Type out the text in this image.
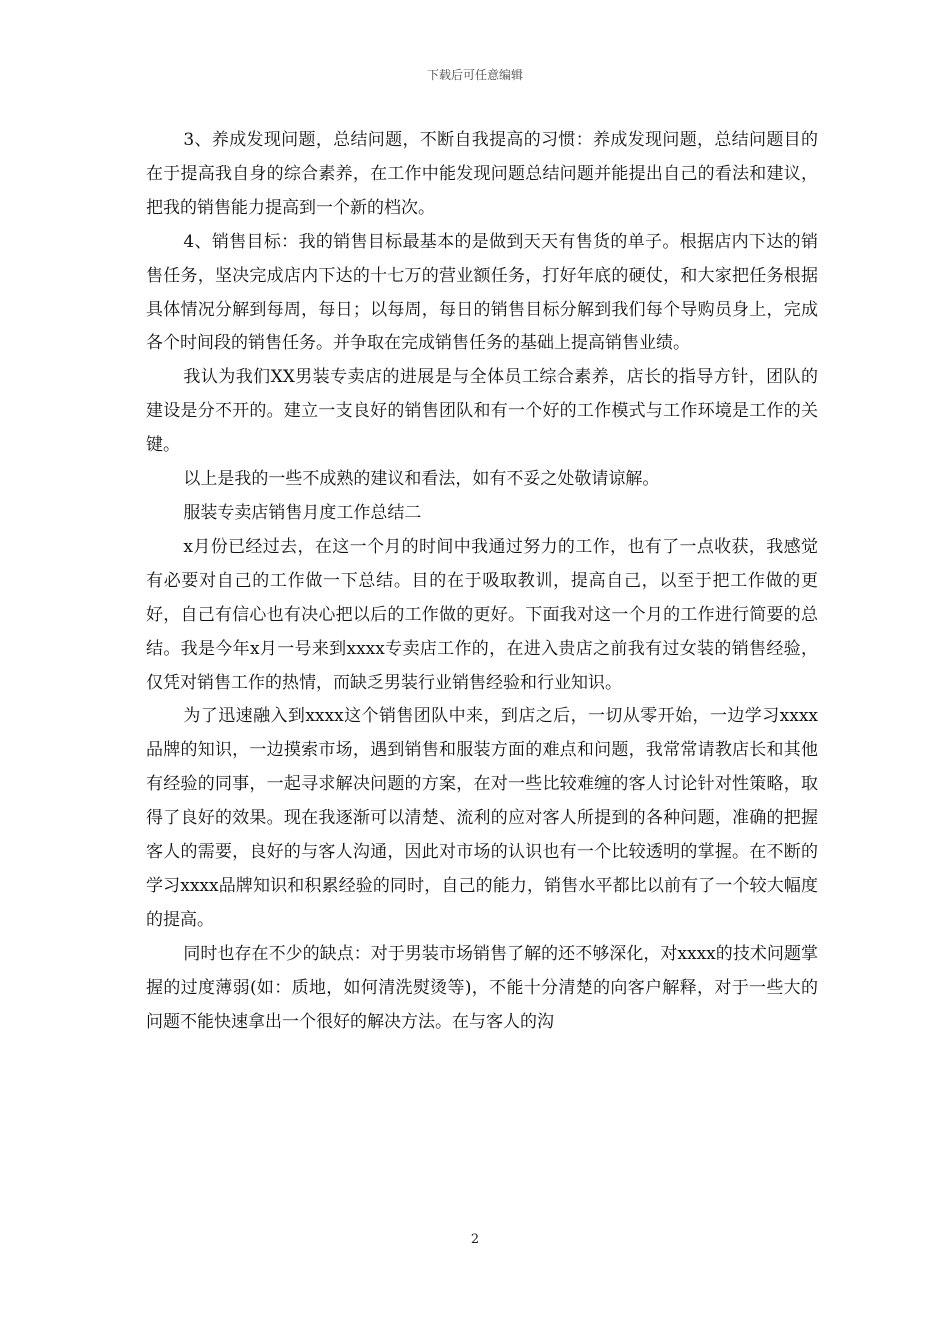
下载后可任意编辑

3、养成发现问题，总结问题，不断自我提高的习惯：养成发现问题，总结问题目的在于提高我自身的综合素养，在工作中能发现问题总结问题并能提出自己的看法和建议，把我的销售能力提高到一个新的档次。

4、销售目标：我的销售目标最基本的是做到天天有售货的单子。根据店内下达的销售任务，坚决完成店内下达的十七万的营业额任务，打好年底的硬仗，和大家把任务根据具体情况分解到每周，每日；以每周，每日的销售目标分解到我们每个导购员身上，完成各个时间段的销售任务。并争取在完成销售任务的基础上提高销售业绩。

我认为我们XX男装专卖店的进展是与全体员工综合素养，店长的指导方针，团队的建设是分不开的。建立一支良好的销售团队和有一个好的工作模式与工作环境是工作的关键。

以上是我的一些不成熟的建议和看法，如有不妥之处敬请谅解。

服装专卖店销售月度工作总结二

x月份已经过去，在这一个月的时间中我通过努力的工作，也有了一点收获，我感觉有必要对自己的工作做一下总结。目的在于吸取教训，提高自己，以至于把工作做的更好，自己有信心也有决心把以后的工作做的更好。下面我对这一个月的工作进行简要的总结。我是今年x月一号来到xxxx专卖店工作的，在进入贵店之前我有过女装的销售经验，仅凭对销售工作的热情，而缺乏男装行业销售经验和行业知识。

为了迅速融入到xxxx这个销售团队中来，到店之后，一切从零开始，一边学习xxxx品牌的知识，一边摸索市场，遇到销售和服装方面的难点和问题，我常常请教店长和其他有经验的同事，一起寻求解决问题的方案，在对一些比较难缠的客人讨论针对性策略，取得了良好的效果。现在我逐渐可以清楚、流利的应对客人所提到的各种问题，准确的把握客人的需要，良好的与客人沟通，因此对市场的认识也有一个比较透明的掌握。在不断的学习xxxx品牌知识和积累经验的同时，自己的能力，销售水平都比以前有了一个较大幅度的提高。

同时也存在不少的缺点：对于男装市场销售了解的还不够深化，对xxxx的技术问题掌握的过度薄弱(如：质地，如何清洗熨烫等)，不能十分清楚的向客户解释，对于一些大的问题不能快速拿出一个很好的解决方法。在与客人的沟

2
